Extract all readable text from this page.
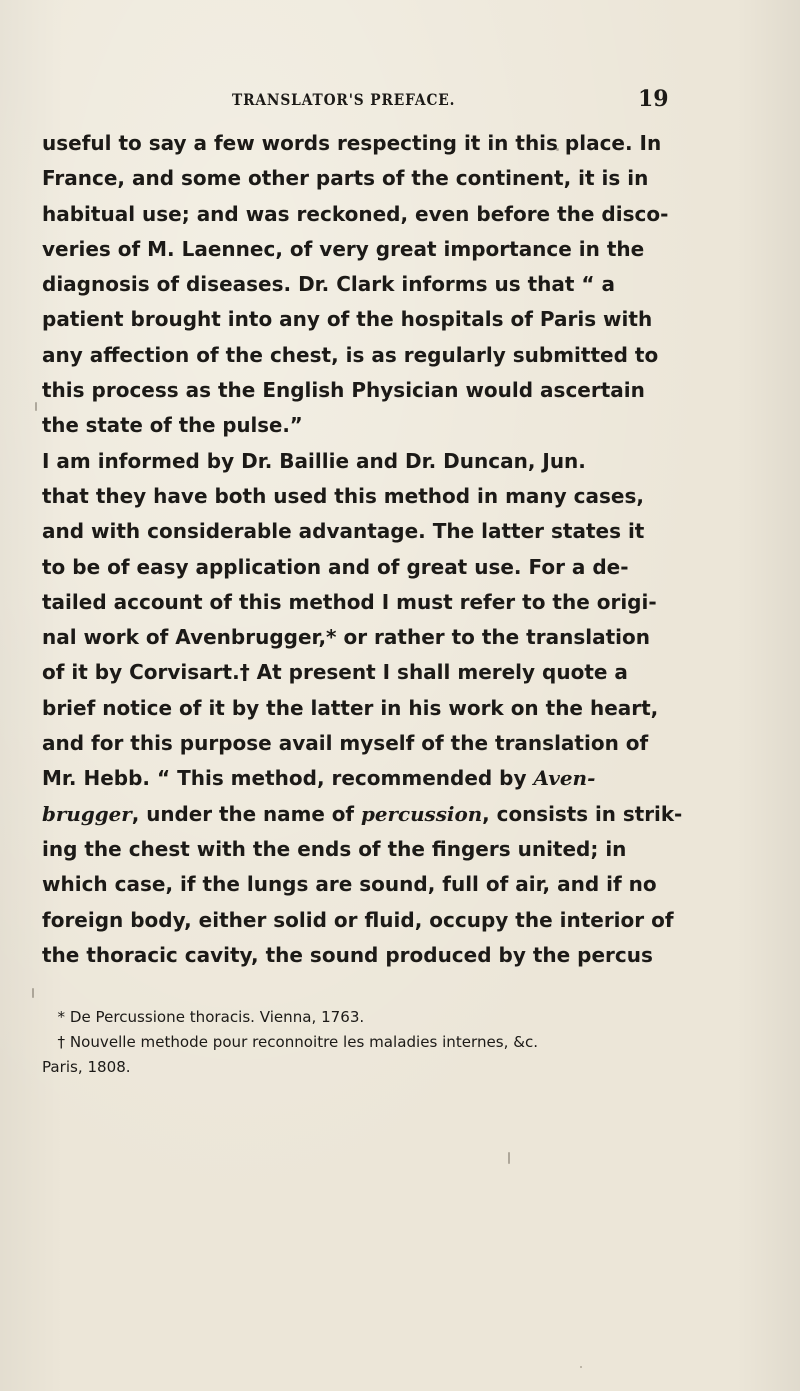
TRANSLATOR'S PREFACE.	19
useful to say a few words respecting it in this place. In
France, and some other parts of the continent, it is in
habitual use; and was reckoned, even before the disco-
veries of M. Laennec, of very great importance in the
diagnosis of diseases. Dr. Clark informs us that “ a
patient brought into any of the hospitals of Paris with
any affection of the chest, is as regularly submitted to
this process as the English Physician would ascertain
the state of the pulse.”
I am informed by Dr. Baillie and Dr. Duncan, Jun.
that they have both used this method in many cases,
and with considerable advantage. The latter states it
to be of easy application and of great use. For a de-
tailed account of this method I must refer to the origi-
nal work of Avenbrugger,* or rather to the translation
of it by Corvisart.† At present I shall merely quote a
brief notice of it by the latter in his work on the heart,
and for this purpose avail myself of the translation of
Mr. Hebb. “ This method, recommended by Aven-
brugger, under the name of percussion, consists in strik-
ing the chest with the ends of the fingers united; in
which case, if the lungs are sound, full of air, and if no
foreign body, either solid or fluid, occupy the interior of
the thoracic cavity, the sound produced by the percus
* De Percussione thoracis. Vienna, 1763.
† Nouvelle methode pour reconnoitre les maladies internes, &c.
Paris, 1808.
